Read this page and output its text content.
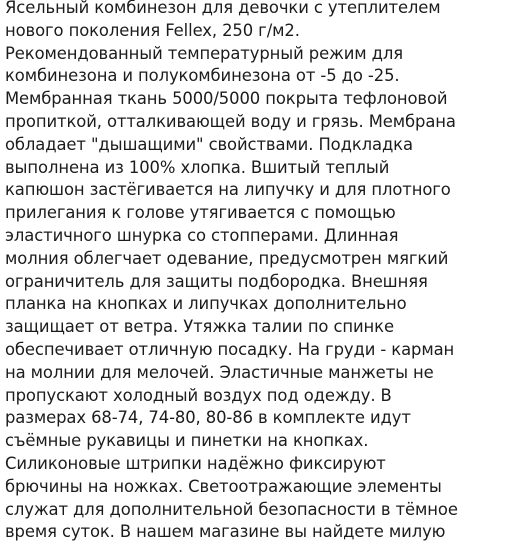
Ясельный комбинезон для девочки с утеплителем
нового поколения Fellex, 250 г/м2.
Рекомендованный температурный режим для
комбинезона и полукомбинезона от -5 до -25.
Мембранная ткань 5000/5000 покрыта тефлоновой
пропиткой, отталкивающей воду и грязь. Мембрана
обладает "дышащими" свойствами. Подкладка
выполнена из 100% хлопка. Вшитый теплый
капюшон застёгивается на липучку и для плотного
прилегания к голове утягивается с помощью
эластичного шнурка со стопперами. Длинная
молния облегчает одевание, предусмотрен мягкий
ограничитель для защиты подбородка. Внешняя
планка на кнопках и липучках дополнительно
защищает от ветра. Утяжка талии по спинке
обеспечивает отличную посадку. На груди - карман
на молнии для мелочей. Эластичные манжеты не
пропускают холодный воздух под одежду. В
размерах 68-74, 74-80, 80-86 в комплекте идут
съёмные рукавицы и пинетки на кнопках.
Силиконовые штрипки надёжно фиксируют
брючины на ножках. Светоотражающие элементы
служат для дополнительной безопасности в тёмное
время суток. В нашем магазине вы найдете милую
